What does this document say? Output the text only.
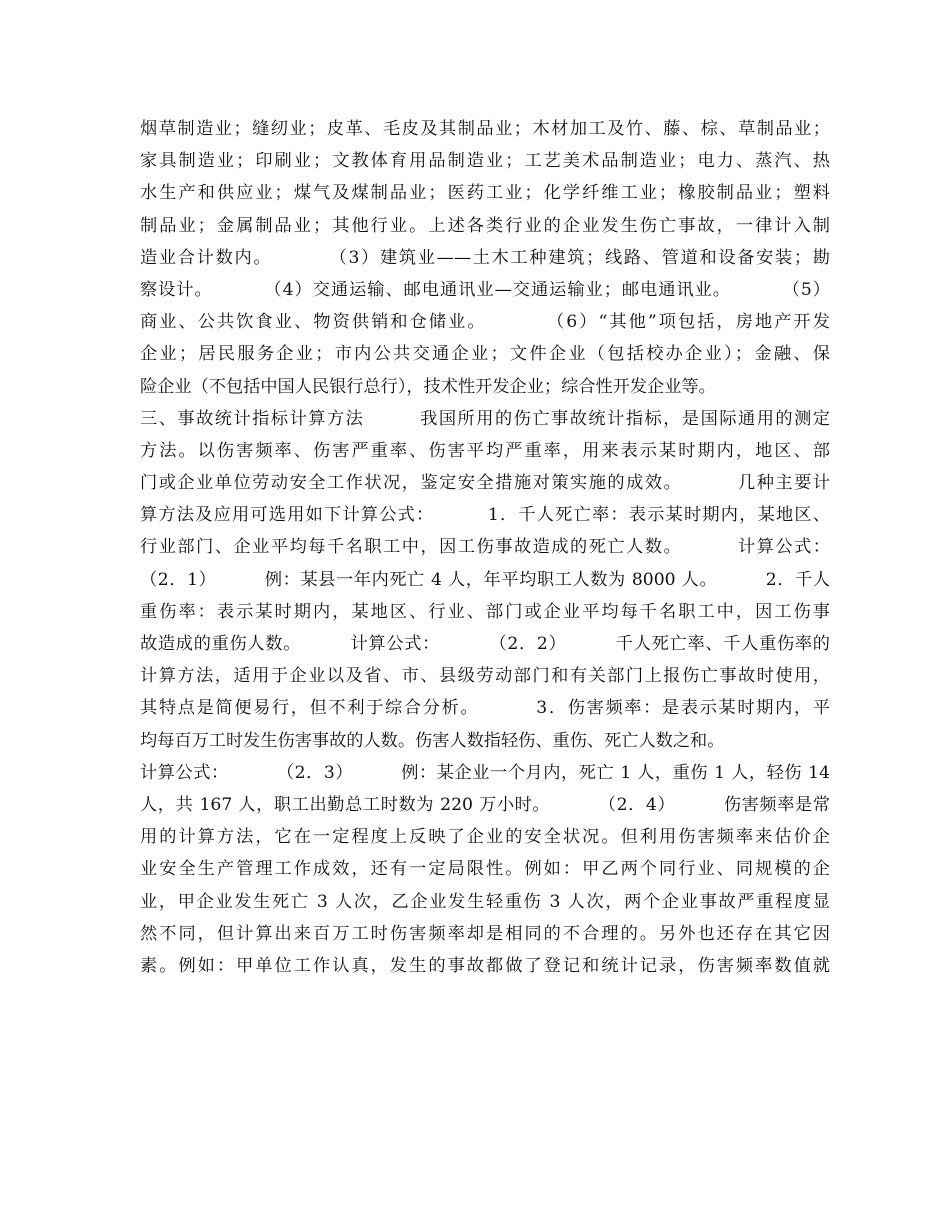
烟草制造业；缝纫业；皮革、毛皮及其制品业；木材加工及竹、藤、棕、草制品业；
家具制造业；印刷业；文教体育用品制造业；工艺美术品制造业；电力、蒸汽、热
水生产和供应业；煤气及煤制品业；医药工业；化学纤维工业；橡胶制品业；塑料
制品业；金属制品业；其他行业。上述各类行业的企业发生伤亡事故，一律计入制
造业合计数内。        （3）建筑业——土木工种建筑；线路、管道和设备安装；勘
察设计。        （4）交通运输、邮电通讯业—交通运输业；邮电通讯业。        （5）
商业、公共饮食业、物资供销和仓储业。        （6）“其他”项包括，房地产开发
企业；居民服务企业；市内公共交通企业；文件企业（包括校办企业）；金融、保
险企业（不包括中国人民银行总行），技术性开发企业；综合性开发企业等。
三、事故统计指标计算方法        我国所用的伤亡事故统计指标，是国际通用的测定
方法。以伤害频率、伤害严重率、伤害平均严重率，用来表示某时期内，地区、部
门或企业单位劳动安全工作状况，鉴定安全措施对策实施的成效。        几种主要计
算方法及应用可选用如下计算公式：        1．千人死亡率：表示某时期内，某地区、
行业部门、企业平均每千名职工中，因工伤事故造成的死亡人数。        计算公式：
（2．1）        例：某县一年内死亡 4 人，年平均职工人数为 8000 人。        2．千人
重伤率：表示某时期内，某地区、行业、部门或企业平均每千名职工中，因工伤事
故造成的重伤人数。        计算公式：        （2．2）        千人死亡率、千人重伤率的
计算方法，适用于企业以及省、市、县级劳动部门和有关部门上报伤亡事故时使用，
其特点是简便易行，但不利于综合分析。        3．伤害频率：是表示某时期内，平
均每百万工时发生伤害事故的人数。伤害人数指轻伤、重伤、死亡人数之和。
计算公式：        （2．3）        例：某企业一个月内，死亡 1 人，重伤 1 人，轻伤 14
人，共 167 人，职工出勤总工时数为 220 万小时。        （2．4）        伤害频率是常
用的计算方法，它在一定程度上反映了企业的安全状况。但利用伤害频率来估价企
业安全生产管理工作成效，还有一定局限性。例如：甲乙两个同行业、同规模的企
业，甲企业发生死亡 3 人次，乙企业发生轻重伤 3 人次，两个企业事故严重程度显
然不同，但计算出来百万工时伤害频率却是相同的不合理的。另外也还存在其它因
素。例如：甲单位工作认真，发生的事故都做了登记和统计记录，伤害频率数值就
